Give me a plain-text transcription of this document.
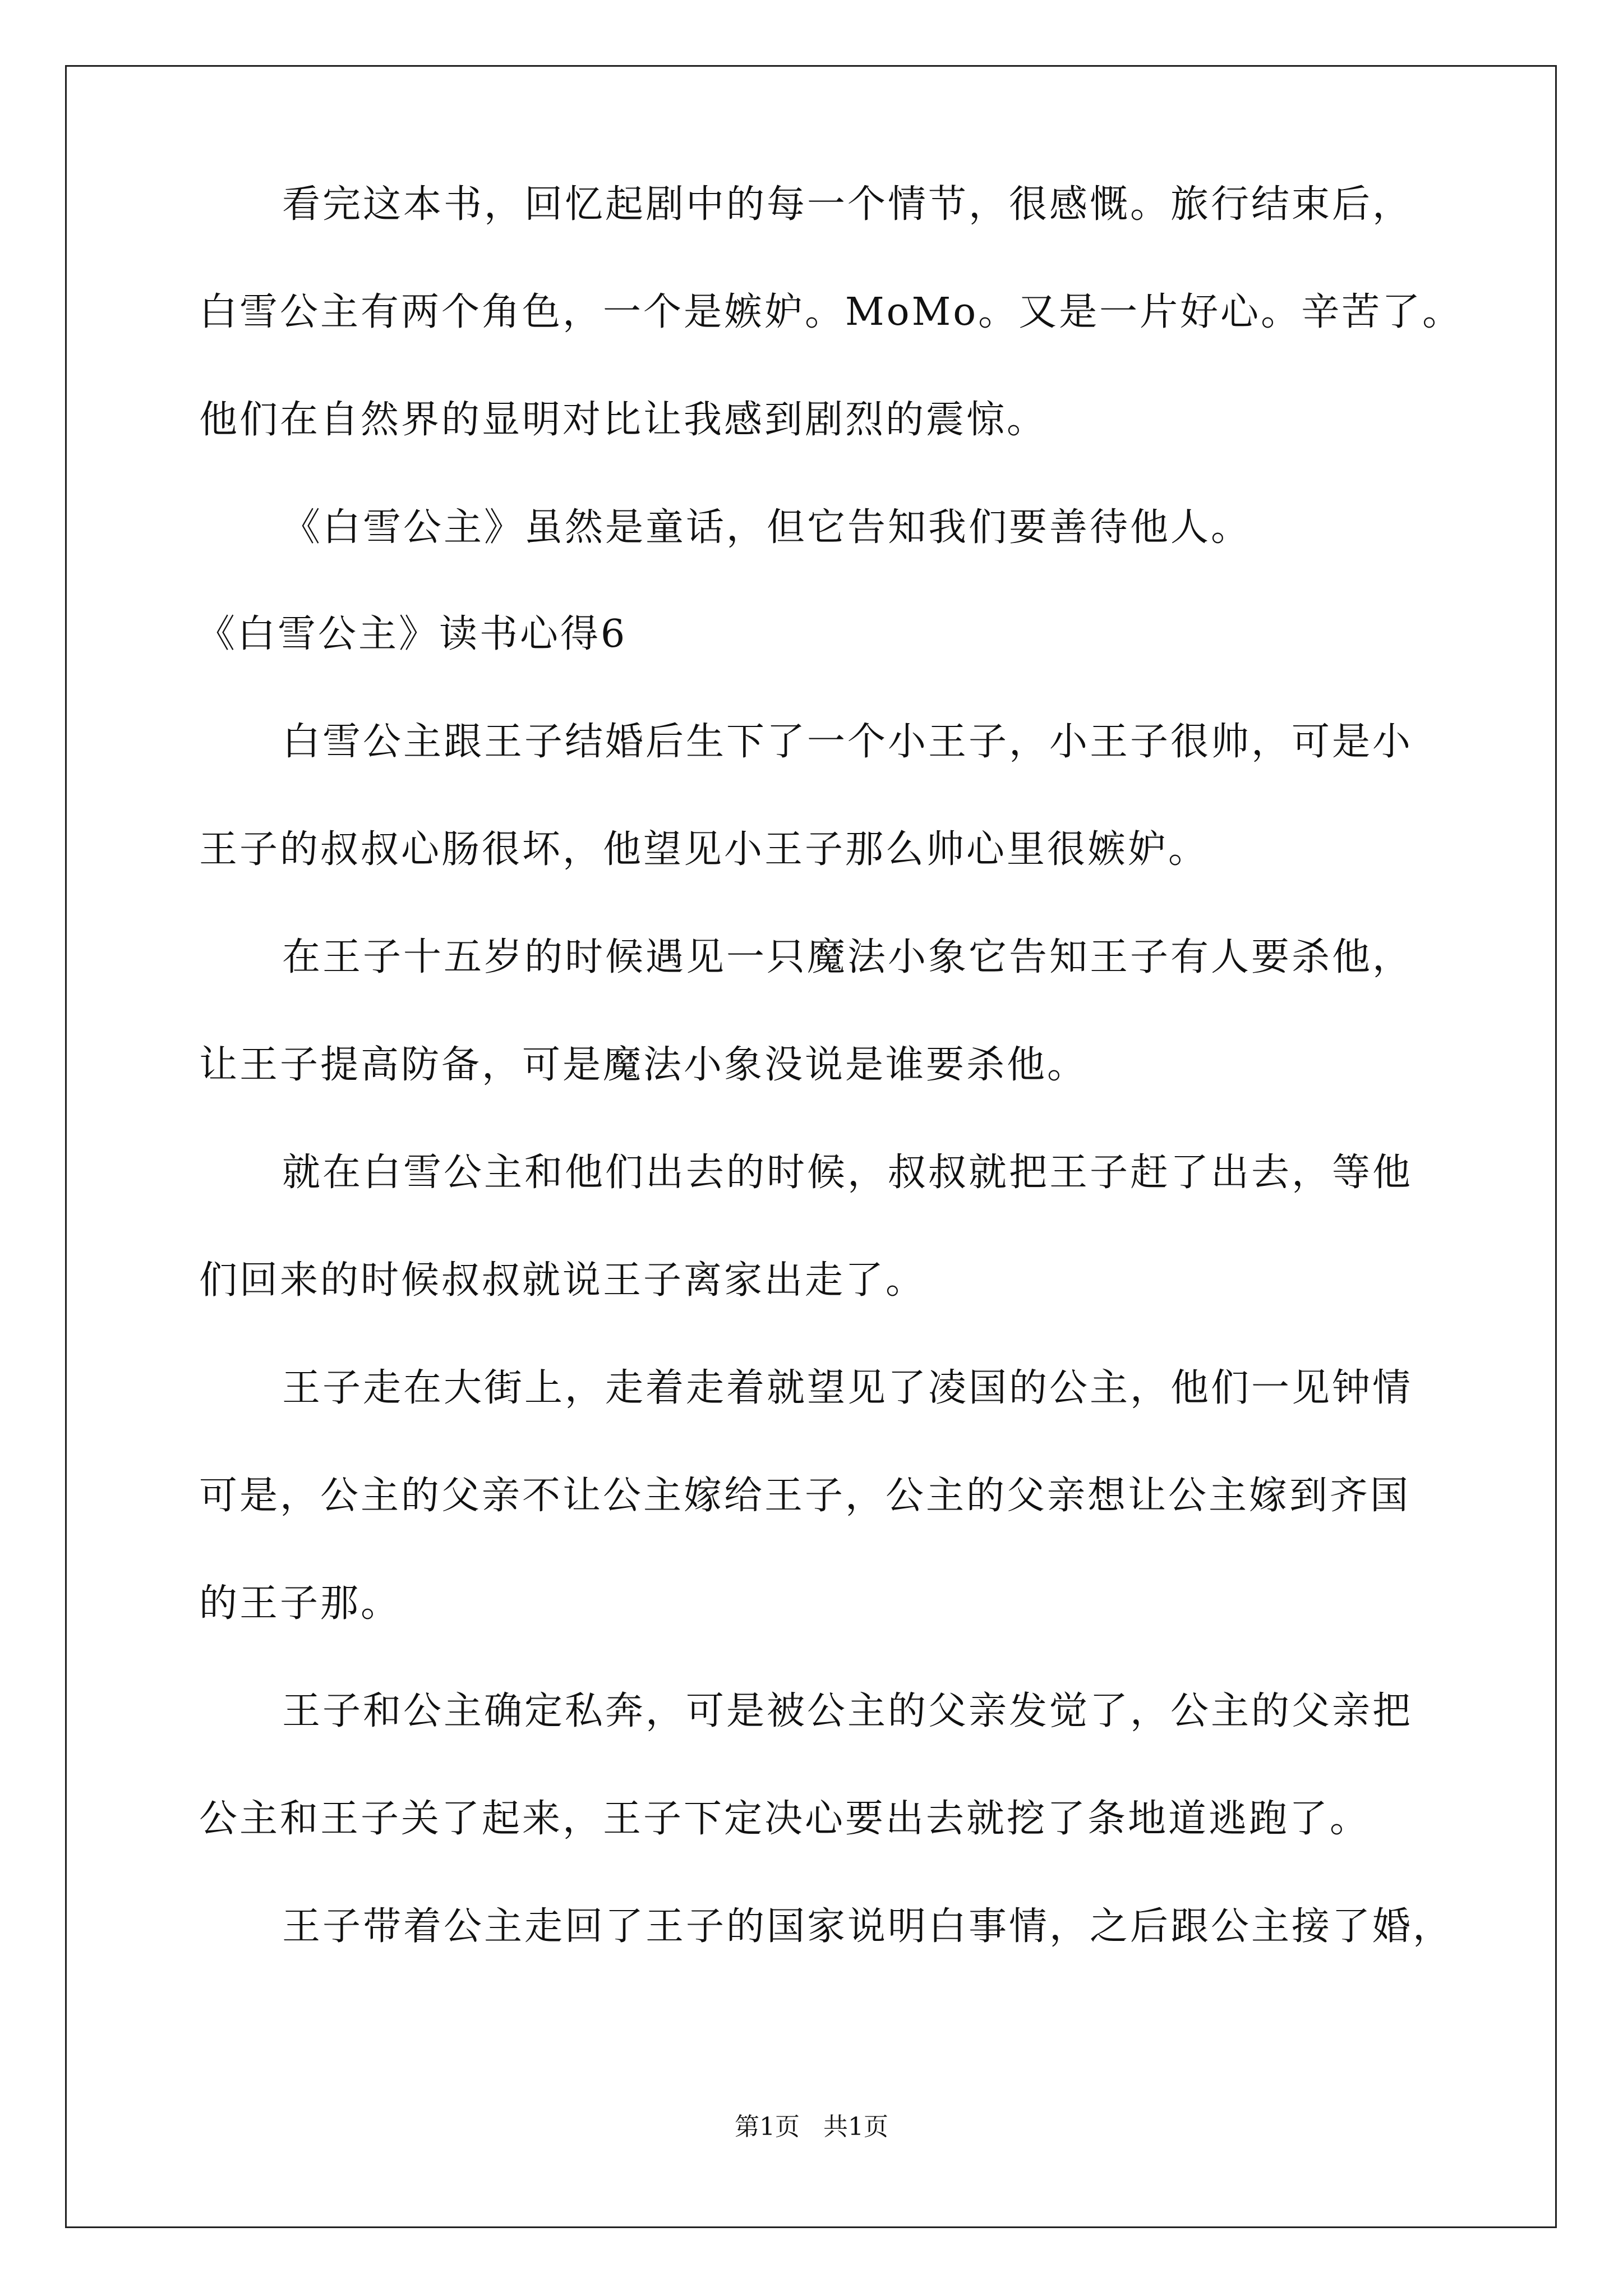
看完这本书，回忆起剧中的每一个情节，很感慨。旅行结束后，
白雪公主有两个角色，一个是嫉妒。MoMo。又是一片好心。辛苦了。
他们在自然界的显明对比让我感到剧烈的震惊。
《白雪公主》虽然是童话，但它告知我们要善待他人。
《白雪公主》读书心得6
白雪公主跟王子结婚后生下了一个小王子，小王子很帅，可是小
王子的叔叔心肠很坏，他望见小王子那么帅心里很嫉妒。
在王子十五岁的时候遇见一只魔法小象它告知王子有人要杀他，
让王子提高防备，可是魔法小象没说是谁要杀他。
就在白雪公主和他们出去的时候，叔叔就把王子赶了出去，等他
们回来的时候叔叔就说王子离家出走了。
王子走在大街上，走着走着就望见了凌国的公主，他们一见钟情
可是，公主的父亲不让公主嫁给王子，公主的父亲想让公主嫁到齐国
的王子那。
王子和公主确定私奔，可是被公主的父亲发觉了，公主的父亲把
公主和王子关了起来，王子下定决心要出去就挖了条地道逃跑了。
王子带着公主走回了王子的国家说明白事情，之后跟公主接了婚，
第1页 共1页
